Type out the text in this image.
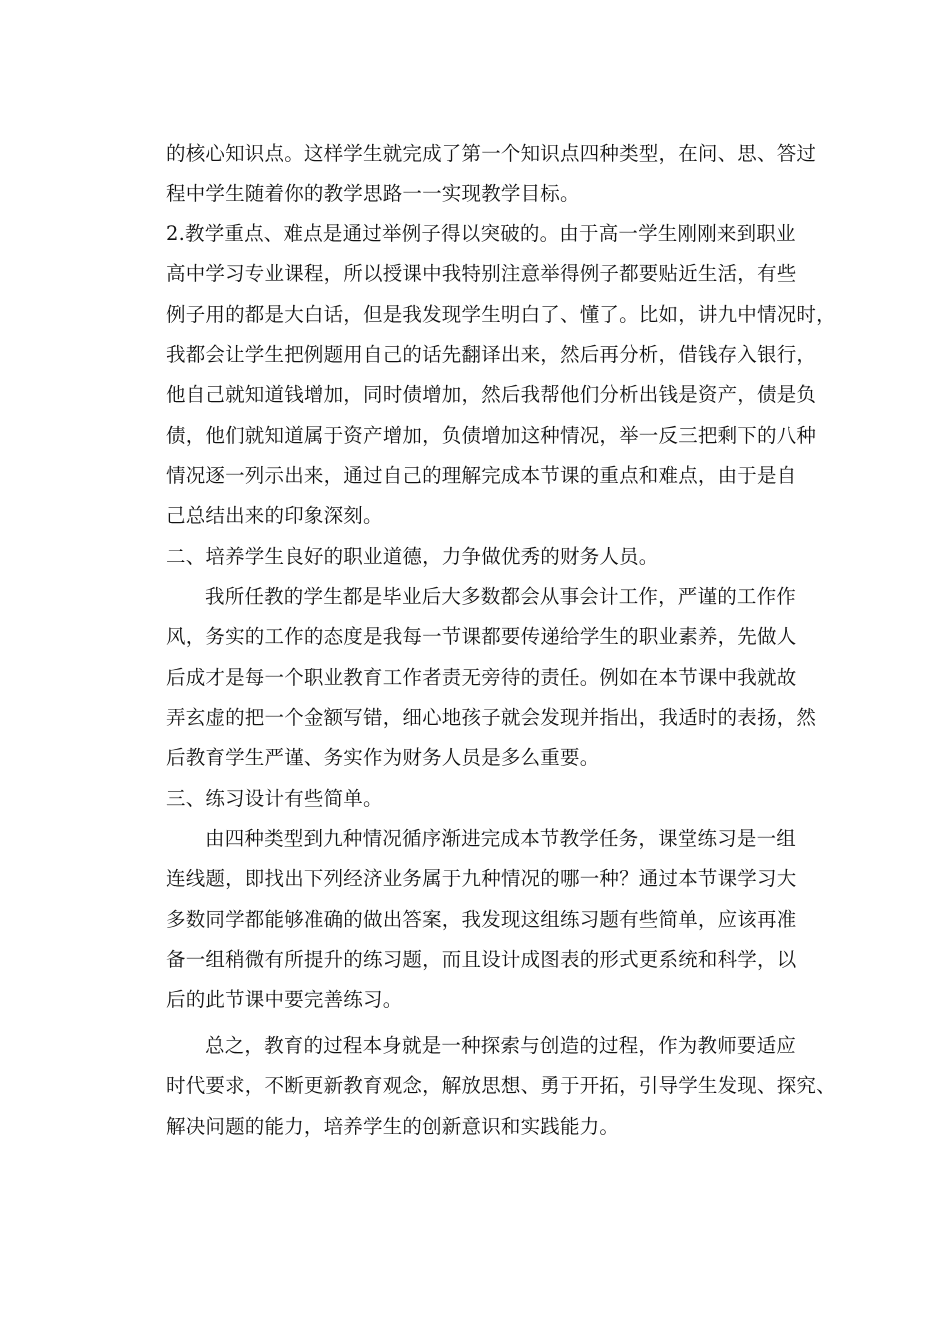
的核心知识点。这样学生就完成了第一个知识点四种类型，在问、思、答过
程中学生随着你的教学思路一一实现教学目标。
2.教学重点、难点是通过举例子得以突破的。由于高一学生刚刚来到职业
高中学习专业课程，所以授课中我特别注意举得例子都要贴近生活，有些
例子用的都是大白话，但是我发现学生明白了、懂了。比如，讲九中情况时，
我都会让学生把例题用自己的话先翻译出来，然后再分析，借钱存入银行，
他自己就知道钱增加，同时债增加，然后我帮他们分析出钱是资产，债是负
债，他们就知道属于资产增加，负债增加这种情况，举一反三把剩下的八种
情况逐一列示出来，通过自己的理解完成本节课的重点和难点，由于是自
己总结出来的印象深刻。
二、培养学生良好的职业道德，力争做优秀的财务人员。
我所任教的学生都是毕业后大多数都会从事会计工作，严谨的工作作
风，务实的工作的态度是我每一节课都要传递给学生的职业素养，先做人
后成才是每一个职业教育工作者责无旁待的责任。例如在本节课中我就故
弄玄虚的把一个金额写错，细心地孩子就会发现并指出，我适时的表扬，然
后教育学生严谨、务实作为财务人员是多么重要。
三、练习设计有些简单。
由四种类型到九种情况循序渐进完成本节教学任务，课堂练习是一组
连线题，即找出下列经济业务属于九种情况的哪一种？通过本节课学习大
多数同学都能够准确的做出答案，我发现这组练习题有些简单，应该再准
备一组稍微有所提升的练习题，而且设计成图表的形式更系统和科学，以
后的此节课中要完善练习。
总之，教育的过程本身就是一种探索与创造的过程，作为教师要适应
时代要求，不断更新教育观念，解放思想、勇于开拓，引导学生发现、探究、
解决问题的能力，培养学生的创新意识和实践能力。
